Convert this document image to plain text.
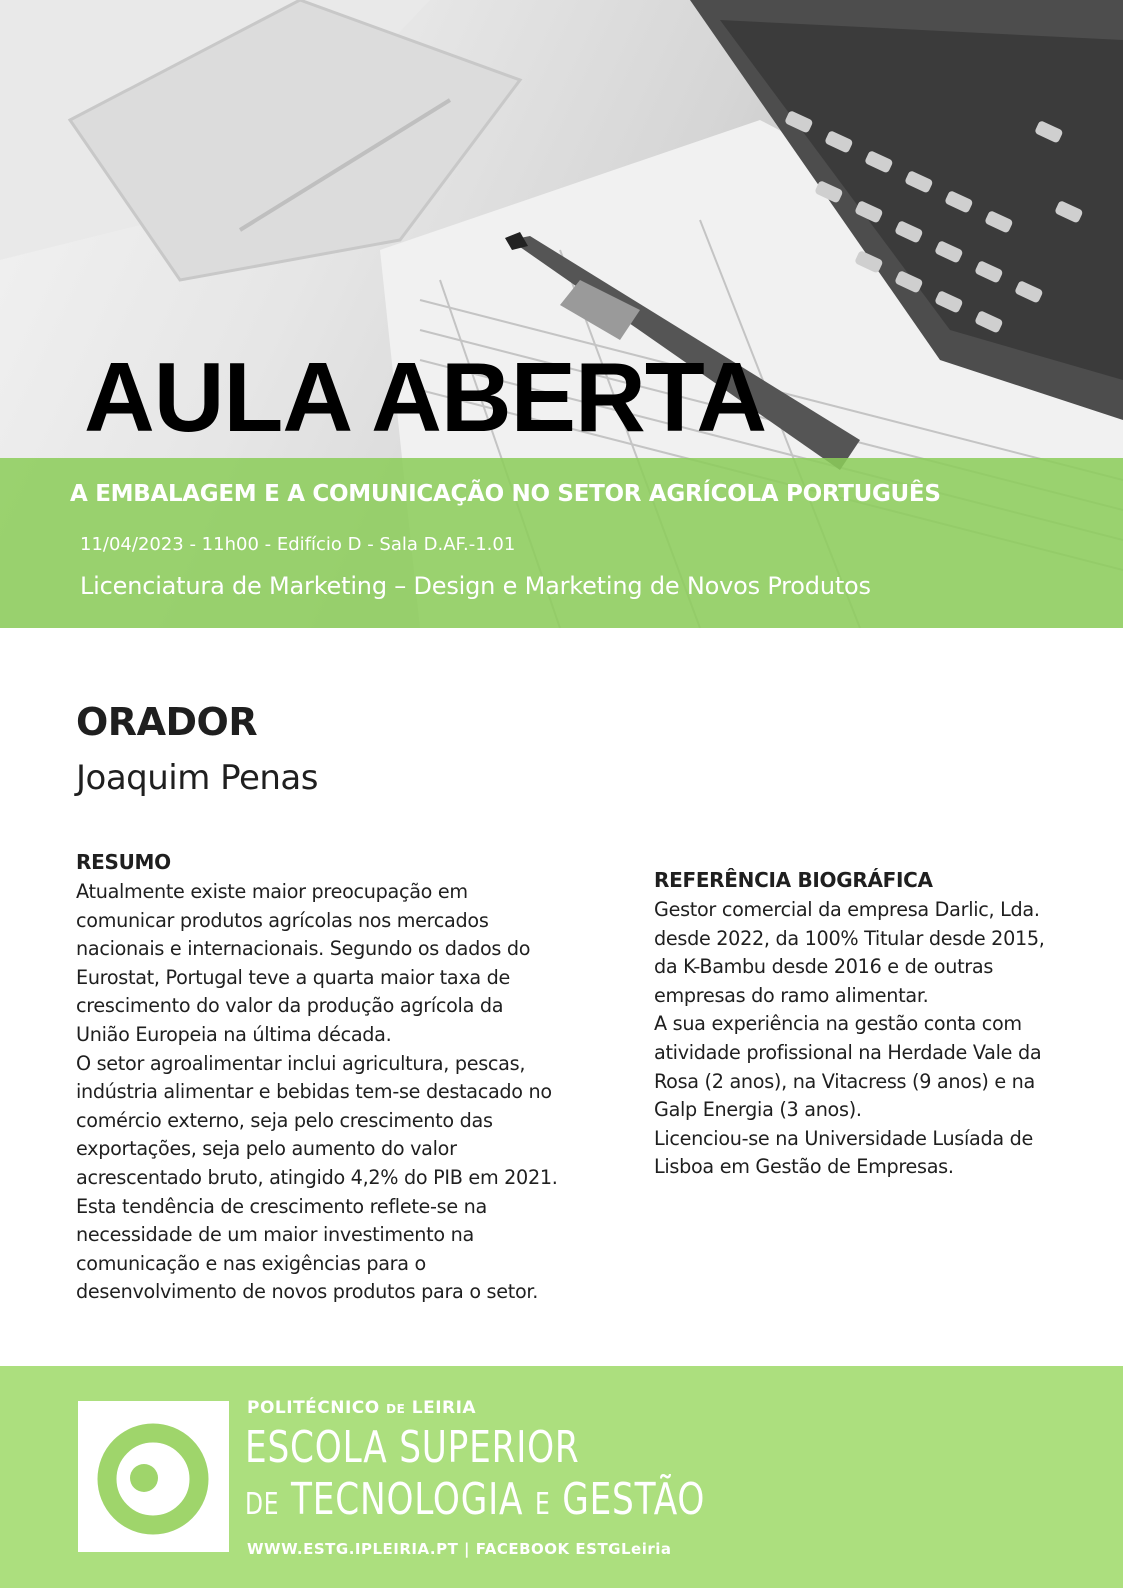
AULA ABERTA
A EMBALAGEM E A COMUNICAÇÃO NO SETOR AGRÍCOLA PORTUGUÊS
11/04/2023 - 11h00 - Edifício D - Sala D.AF.-1.01
Licenciatura de Marketing – Design e Marketing de Novos Produtos
ORADOR
Joaquim Penas
RESUMO
Atualmente existe maior preocupação em
comunicar produtos agrícolas nos mercados
nacionais e internacionais. Segundo os dados do
Eurostat, Portugal teve a quarta maior taxa de
crescimento do valor da produção agrícola da
União Europeia na última década.
O setor agroalimentar inclui agricultura, pescas,
indústria alimentar e bebidas tem-se destacado no
comércio externo, seja pelo crescimento das
exportações, seja pelo aumento do valor
acrescentado bruto, atingido 4,2% do PIB em 2021.
Esta tendência de crescimento reflete-se na
necessidade de um maior investimento na
comunicação e nas exigências para o
desenvolvimento de novos produtos para o setor.
REFERÊNCIA BIOGRÁFICA
Gestor comercial da empresa Darlic, Lda.
desde 2022, da 100% Titular desde 2015,
da K-Bambu desde 2016 e de outras
empresas do ramo alimentar.
A sua experiência na gestão conta com
atividade profissional na Herdade Vale da
Rosa (2 anos), na Vitacress (9 anos) e na
Galp Energia (3 anos).
Licenciou-se na Universidade Lusíada de
Lisboa em Gestão de Empresas.
POLITÉCNICO DE LEIRIA
ESCOLA SUPERIOR
DE TECNOLOGIA E GESTÃO
WWW.ESTG.IPLEIRIA.PT | FACEBOOK ESTGLeiria
